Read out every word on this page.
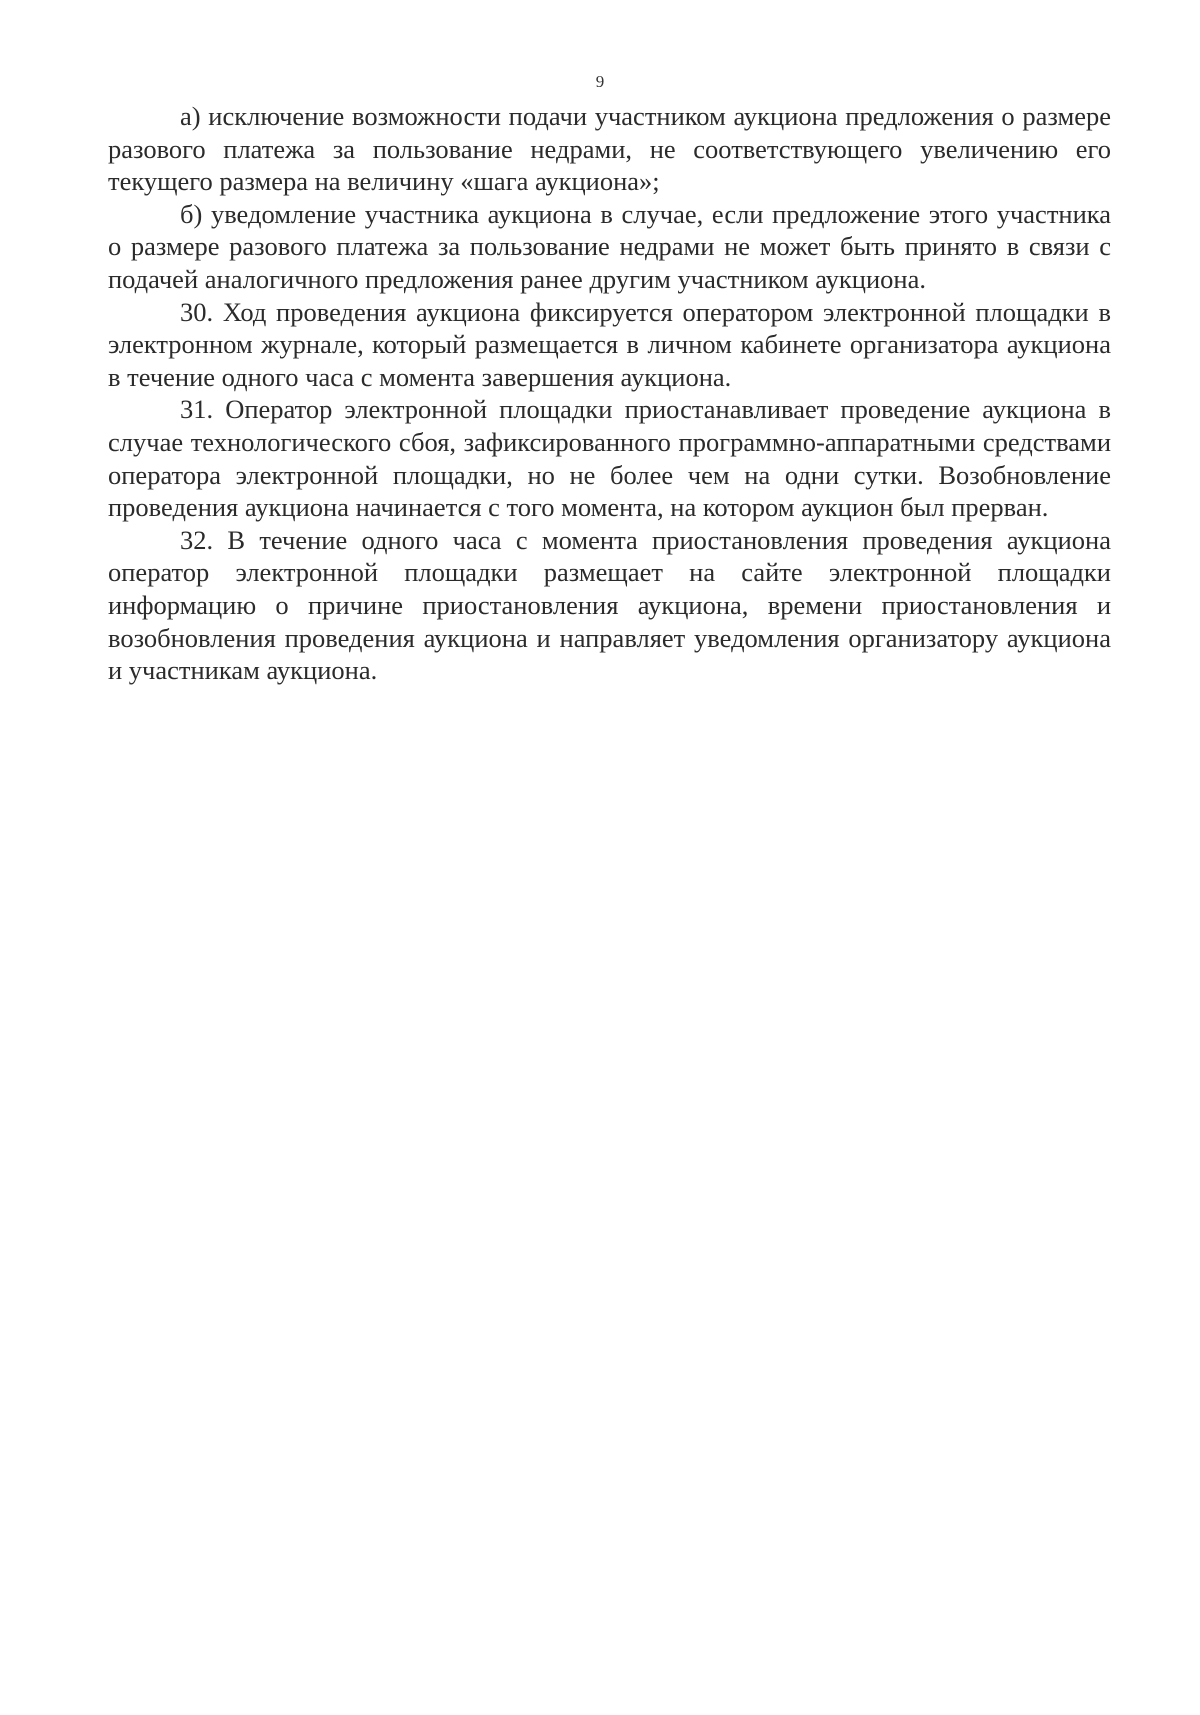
9

а) исключение возможности подачи участником аукциона предложения о размере разового платежа за пользование недрами, не соответствующего увеличению его текущего размера на величину «шага аукциона»;

б) уведомление участника аукциона в случае, если предложение этого участника о размере разового платежа за пользование недрами не может быть принято в связи с подачей аналогичного предложения ранее другим участником аукциона.

30. Ход проведения аукциона фиксируется оператором электронной площадки в электронном журнале, который размещается в личном кабинете организатора аукциона в течение одного часа с момента завершения аукциона.

31. Оператор электронной площадки приостанавливает проведение аукциона в случае технологического сбоя, зафиксированного программно-аппаратными средствами оператора электронной площадки, но не более чем на одни сутки. Возобновление проведения аукциона начинается с того момента, на котором аукцион был прерван.

32. В течение одного часа с момента приостановления проведения аукциона оператор электронной площадки размещает на сайте электронной площадки информацию о причине приостановления аукциона, времени приостановления и возобновления проведения аукциона и направляет уведомления организатору аукциона и участникам аукциона.
